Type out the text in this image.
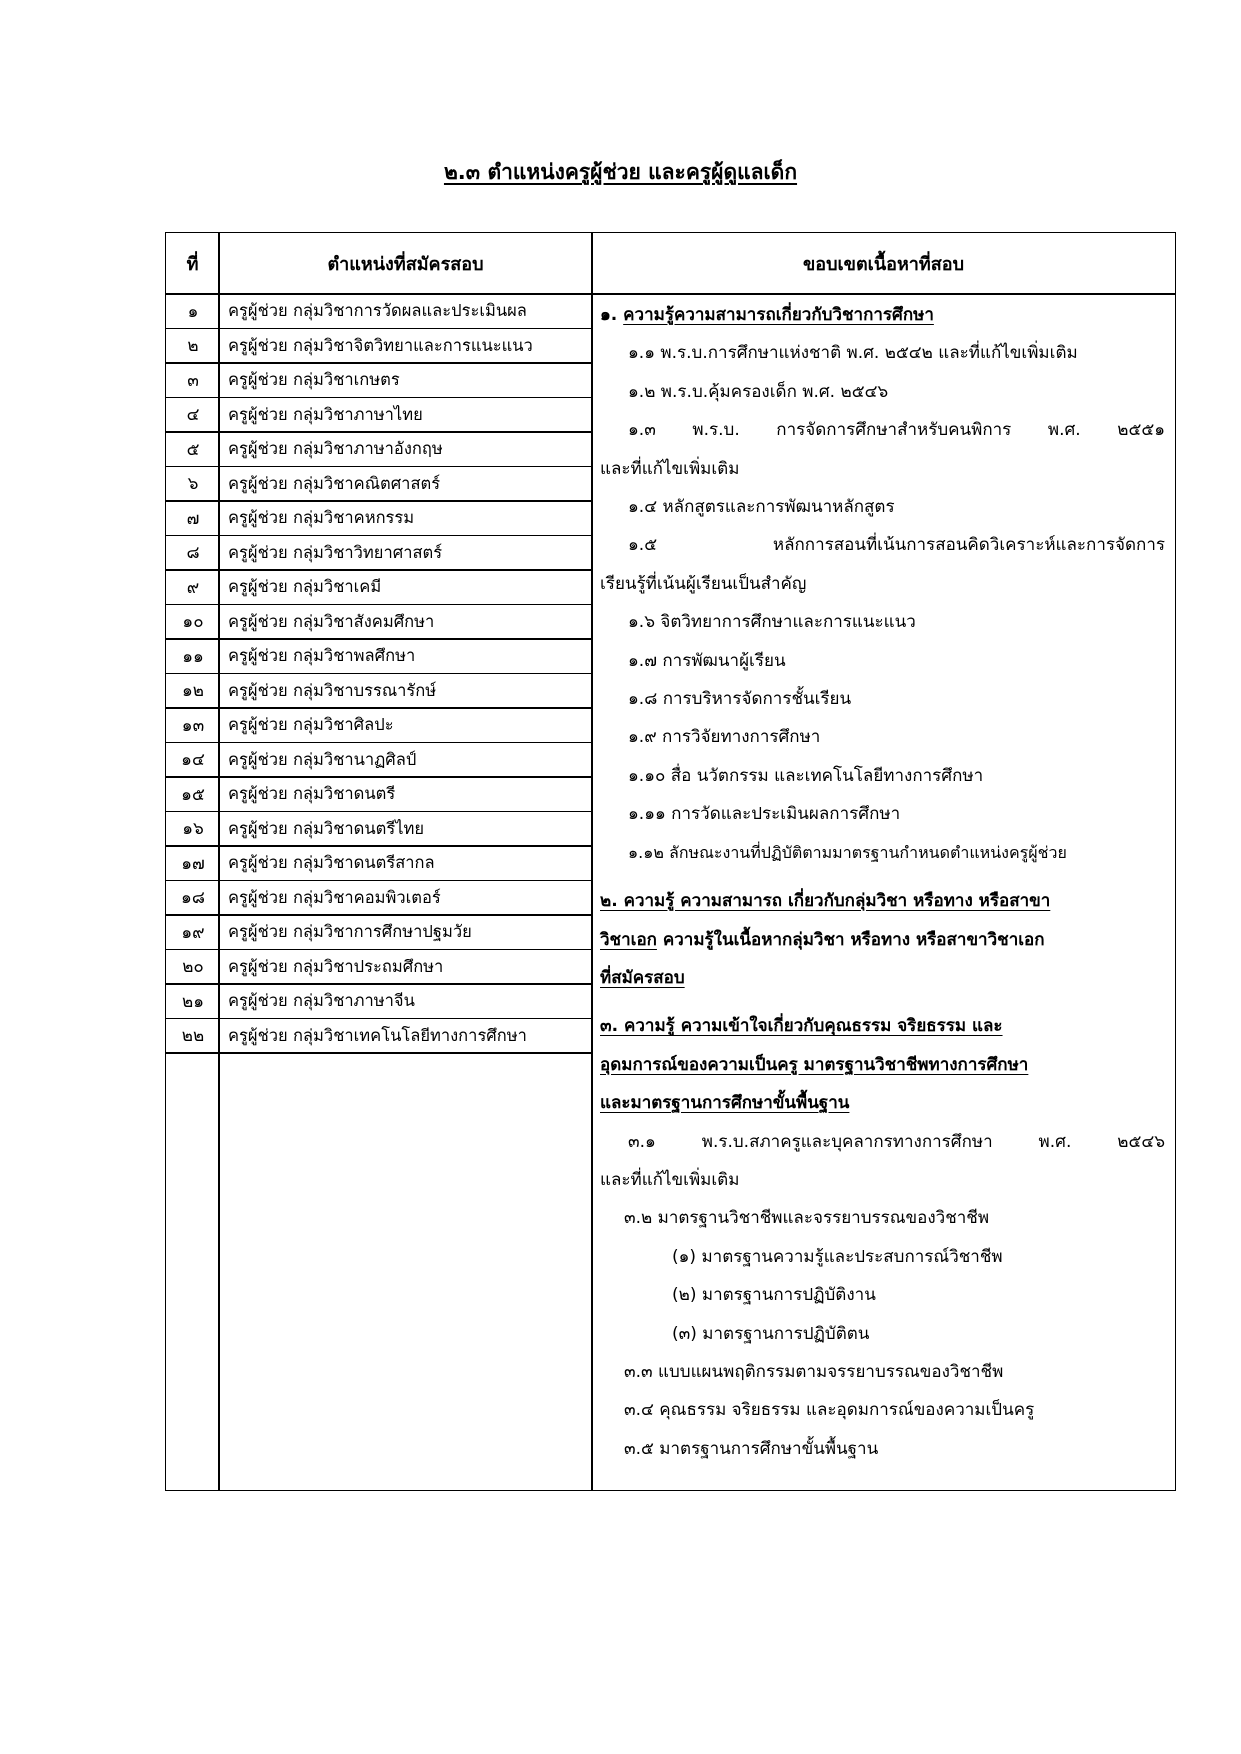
๒.๓ ตำแหน่งครูผู้ช่วย และครูผู้ดูแลเด็ก
ที่	ตำแหน่งที่สมัครสอบ	ขอบเขตเนื้อหาที่สอบ
๑	ครูผู้ช่วย กลุ่มวิชาการวัดผลและประเมินผล
๒	ครูผู้ช่วย กลุ่มวิชาจิตวิทยาและการแนะแนว
๓	ครูผู้ช่วย กลุ่มวิชาเกษตร
๔	ครูผู้ช่วย กลุ่มวิชาภาษาไทย
๕	ครูผู้ช่วย กลุ่มวิชาภาษาอังกฤษ
๖	ครูผู้ช่วย กลุ่มวิชาคณิตศาสตร์
๗	ครูผู้ช่วย กลุ่มวิชาคหกรรม
๘	ครูผู้ช่วย กลุ่มวิชาวิทยาศาสตร์
๙	ครูผู้ช่วย กลุ่มวิชาเคมี
๑๐	ครูผู้ช่วย กลุ่มวิชาสังคมศึกษา
๑๑	ครูผู้ช่วย กลุ่มวิชาพลศึกษา
๑๒	ครูผู้ช่วย กลุ่มวิชาบรรณารักษ์
๑๓	ครูผู้ช่วย กลุ่มวิชาศิลปะ
๑๔	ครูผู้ช่วย กลุ่มวิชานาฏศิลป์
๑๕	ครูผู้ช่วย กลุ่มวิชาดนตรี
๑๖	ครูผู้ช่วย กลุ่มวิชาดนตรีไทย
๑๗	ครูผู้ช่วย กลุ่มวิชาดนตรีสากล
๑๘	ครูผู้ช่วย กลุ่มวิชาคอมพิวเตอร์
๑๙	ครูผู้ช่วย กลุ่มวิชาการศึกษาปฐมวัย
๒๐	ครูผู้ช่วย กลุ่มวิชาประถมศึกษา
๒๑	ครูผู้ช่วย กลุ่มวิชาภาษาจีน
๒๒	ครูผู้ช่วย กลุ่มวิชาเทคโนโลยีทางการศึกษา

๑. ความรู้ความสามารถเกี่ยวกับวิชาการศึกษา

๑.๑ พ.ร.บ.การศึกษาแห่งชาติ พ.ศ. ๒๕๔๒ และที่แก้ไขเพิ่มเติม

๑.๒ พ.ร.บ.คุ้มครองเด็ก พ.ศ. ๒๕๔๖

๑.๓ พ.ร.บ. การจัดการศึกษาสำหรับคนพิการ พ.ศ. ๒๕๕๑

และที่แก้ไขเพิ่มเติม

๑.๔ หลักสูตรและการพัฒนาหลักสูตร

๑.๕ หลักการสอนที่เน้นการสอนคิดวิเคราะห์และการจัดการ

เรียนรู้ที่เน้นผู้เรียนเป็นสำคัญ

๑.๖ จิตวิทยาการศึกษาและการแนะแนว

๑.๗ การพัฒนาผู้เรียน

๑.๘ การบริหารจัดการชั้นเรียน

๑.๙ การวิจัยทางการศึกษา

๑.๑๐ สื่อ นวัตกรรม และเทคโนโลยีทางการศึกษา

๑.๑๑ การวัดและประเมินผลการศึกษา

๑.๑๒ ลักษณะงานที่ปฏิบัติตามมาตรฐานกำหนดตำแหน่งครูผู้ช่วย

๒. ความรู้ ความสามารถ เกี่ยวกับกลุ่มวิชา หรือทาง หรือสาขา

วิชาเอก ความรู้ในเนื้อหากลุ่มวิชา หรือทาง หรือสาขาวิชาเอก

ที่สมัครสอบ

๓. ความรู้ ความเข้าใจเกี่ยวกับคุณธรรม จริยธรรม และ

อุดมการณ์ของความเป็นครู มาตรฐานวิชาชีพทางการศึกษา

และมาตรฐานการศึกษาขั้นพื้นฐาน

๓.๑ พ.ร.บ.สภาครูและบุคลากรทางการศึกษา พ.ศ. ๒๕๔๖

และที่แก้ไขเพิ่มเติม

๓.๒ มาตรฐานวิชาชีพและจรรยาบรรณของวิชาชีพ

(๑) มาตรฐานความรู้และประสบการณ์วิชาชีพ

(๒) มาตรฐานการปฏิบัติงาน

(๓) มาตรฐานการปฏิบัติตน

๓.๓ แบบแผนพฤติกรรมตามจรรยาบรรณของวิชาชีพ

๓.๔ คุณธรรม จริยธรรม และอุดมการณ์ของความเป็นครู

๓.๕ มาตรฐานการศึกษาขั้นพื้นฐาน
